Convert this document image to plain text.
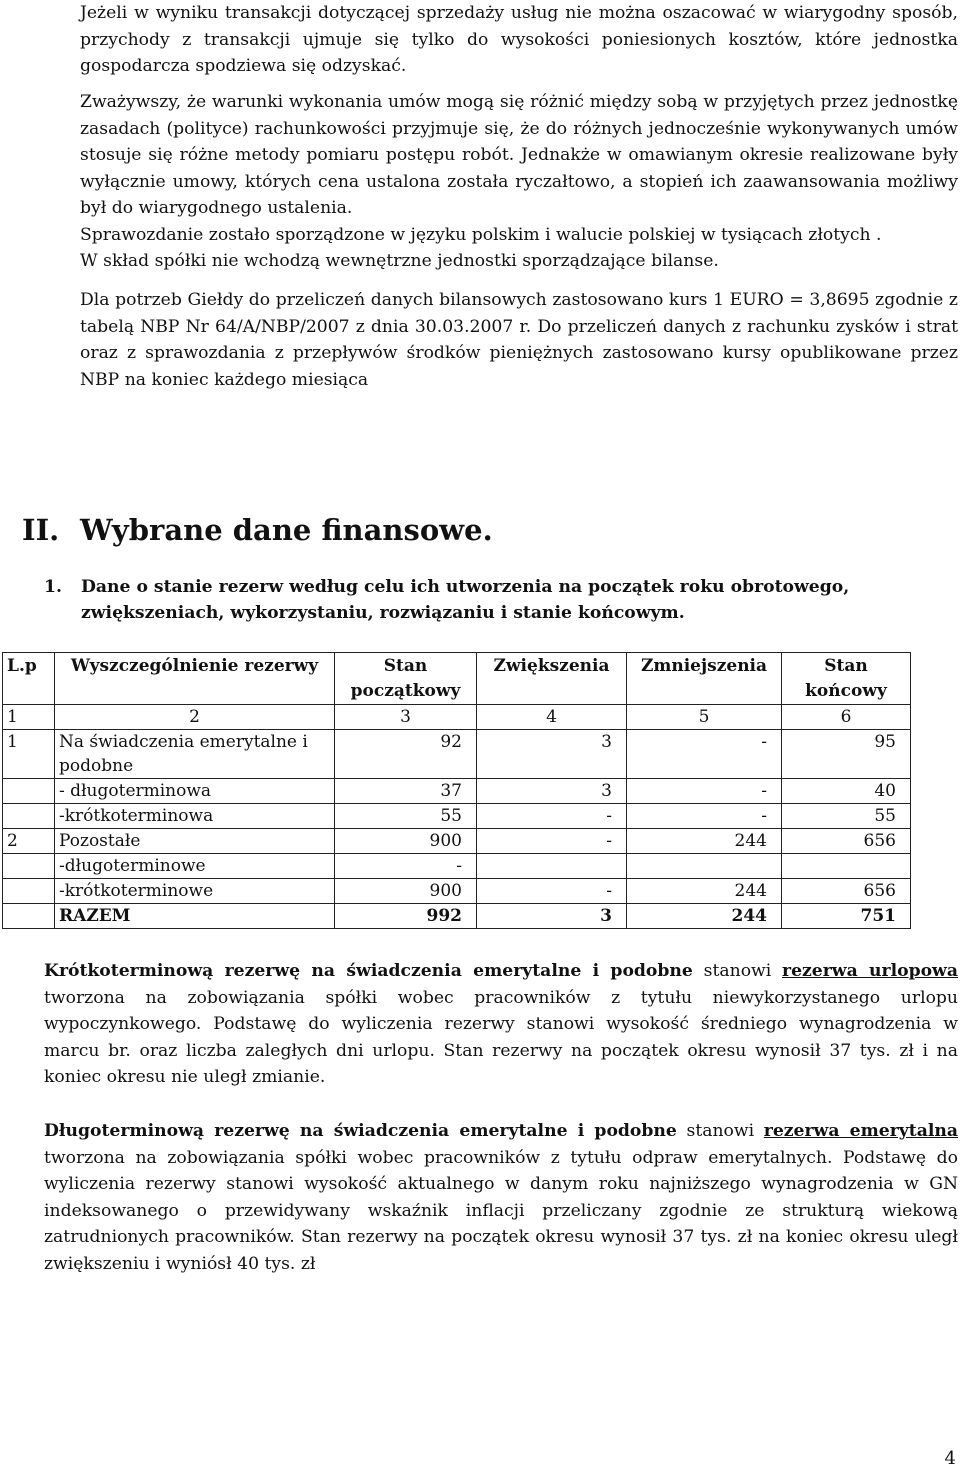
Jeżeli w wyniku transakcji dotyczącej sprzedaży usług nie można oszacować w wiarygodny sposób, przychody z transakcji ujmuje się tylko do wysokości poniesionych kosztów, które jednostka gospodarcza spodziewa się odzyskać.

Zważywszy, że warunki wykonania umów mogą się różnić między sobą w przyjętych przez jednostkę zasadach (polityce) rachunkowości przyjmuje się, że do różnych jednocześnie wykonywanych umów stosuje się różne metody pomiaru postępu robót. Jednakże w omawianym okresie realizowane były wyłącznie umowy, których cena ustalona została ryczałtowo, a stopień ich zaawansowania możliwy był do wiarygodnego ustalenia.

Sprawozdanie zostało sporządzone w języku polskim i walucie polskiej w tysiącach złotych .

W skład spółki nie wchodzą wewnętrzne jednostki sporządzające bilanse.

Dla potrzeb Giełdy do przeliczeń danych bilansowych zastosowano kurs 1 EURO = 3,8695 zgodnie z tabelą NBP Nr 64/A/NBP/2007 z dnia 30.03.2007 r. Do przeliczeń danych z rachunku zysków i strat oraz z sprawozdania z przepływów środków pieniężnych zastosowano kursy opublikowane przez NBP na koniec każdego miesiąca

II. Wybrane dane finansowe.
1.	Dane o stanie rezerw według celu ich utworzenia na początek roku obrotowego, zwiększeniach, wykorzystaniu, rozwiązaniu i stanie końcowym.
L.p	Wyszczególnienie rezerwy	Stan początkowy	Zwiększenia	Zmniejszenia	Stan końcowy
1	2	3	4	5	6
1	Na świadczenia emerytalne i podobne	92	3	-	95
	- długoterminowa	37	3	-	40
	-krótkoterminowa	55	-	-	55
2	Pozostałe	900	-	244	656
	-długoterminowe	-			
	-krótkoterminowe	900	-	244	656
	RAZEM	992	3	244	751

Krótkoterminową rezerwę na świadczenia emerytalne i podobne stanowi rezerwa urlopowa tworzona na zobowiązania spółki wobec pracowników z tytułu niewykorzystanego urlopu wypoczynkowego. Podstawę do wyliczenia rezerwy stanowi wysokość średniego wynagrodzenia w marcu br. oraz liczba zaległych dni urlopu. Stan rezerwy na początek okresu wynosił 37 tys. zł i na koniec okresu nie uległ zmianie.

Długoterminową rezerwę na świadczenia emerytalne i podobne stanowi rezerwa emerytalna tworzona na zobowiązania spółki wobec pracowników z tytułu odpraw emerytalnych. Podstawę do wyliczenia rezerwy stanowi wysokość aktualnego w danym roku najniższego wynagrodzenia w GN indeksowanego o przewidywany wskaźnik inflacji przeliczany zgodnie ze strukturą wiekową zatrudnionych pracowników. Stan rezerwy na początek okresu wynosił 37 tys. zł na koniec okresu uległ zwiększeniu i wyniósł 40 tys. zł

4
